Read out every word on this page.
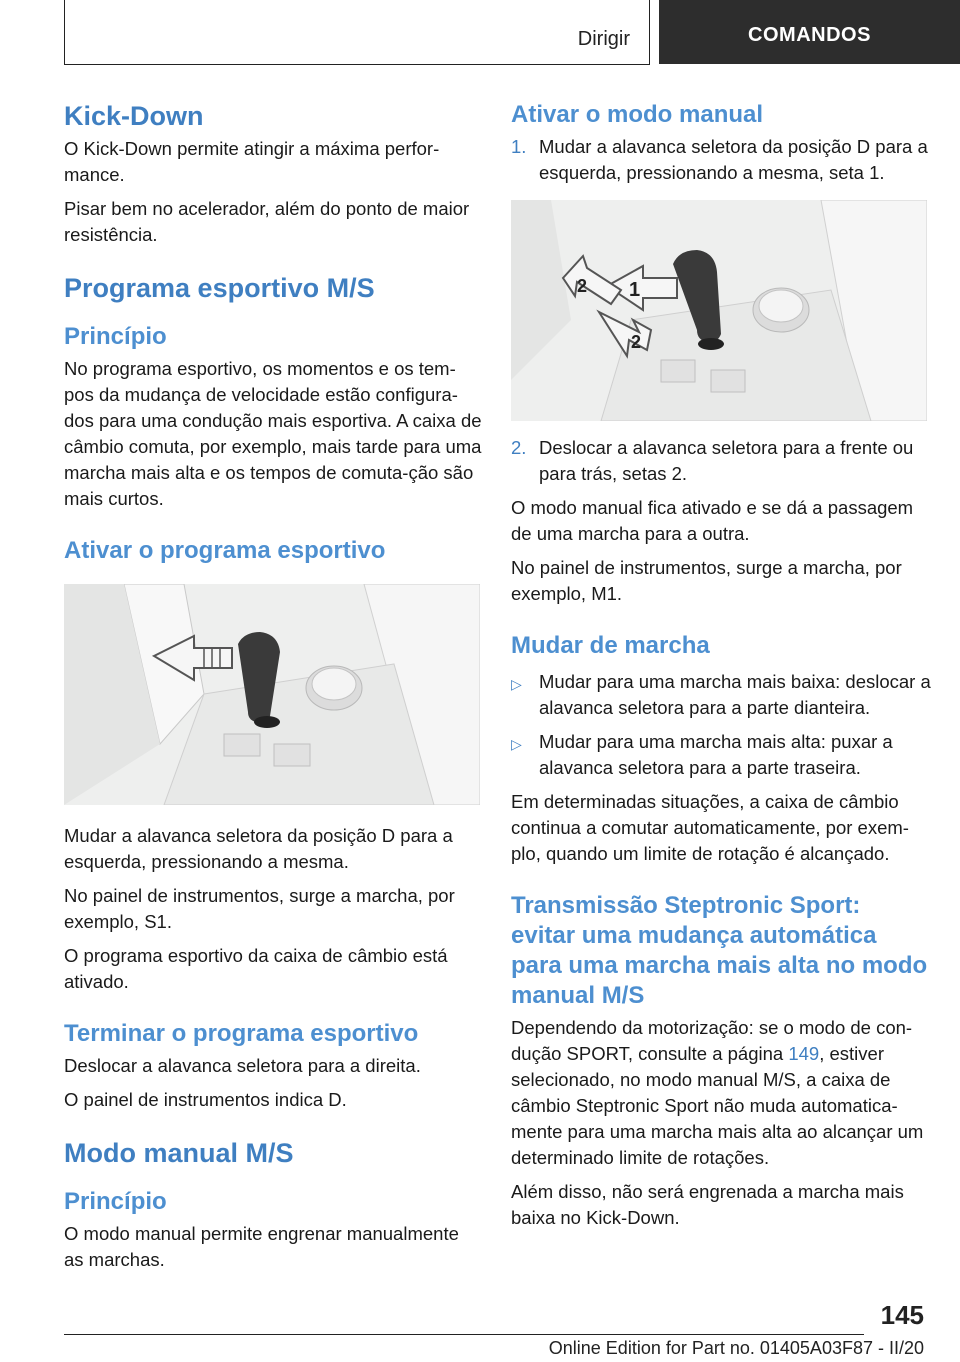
Dirigir	COMANDOS
Kick-Down

O Kick-Down permite atingir a máxima perfor-mance.

Pisar bem no acelerador, além do ponto de maior resistência.

Programa esportivo M/S
Princípio

No programa esportivo, os momentos e os tem-pos da mudança de velocidade estão configura-dos para uma condução mais esportiva. A caixa de câmbio comuta, por exemplo, mais tarde para uma marcha mais alta e os tempos de comuta-ção são mais curtos.

Ativar o programa esportivo

Mudar a alavanca seletora da posição D para a esquerda, pressionando a mesma.

No painel de instrumentos, surge a marcha, por exemplo, S1.

O programa esportivo da caixa de câmbio está ativado.

Terminar o programa esportivo

Deslocar a alavanca seletora para a direita.

O painel de instrumentos indica D.

Modo manual M/S
Princípio

O modo manual permite engrenar manualmente as marchas.

Ativar o modo manual
1. Mudar a alavanca seletora da posição D para a esquerda, pressionando a mesma, seta 1.
1
2
2
2. Deslocar a alavanca seletora para a frente ou para trás, setas 2.

O modo manual fica ativado e se dá a passagem de uma marcha para a outra.

No painel de instrumentos, surge a marcha, por exemplo, M1.

Mudar de marcha
▷ Mudar para uma marcha mais baixa: deslocar a alavanca seletora para a parte dianteira.
▷ Mudar para uma marcha mais alta: puxar a alavanca seletora para a parte traseira.

Em determinadas situações, a caixa de câmbio continua a comutar automaticamente, por exem-plo, quando um limite de rotação é alcançado.

Transmissão Steptronic Sport: evitar uma mudança automática para uma marcha mais alta no modo manual M/S

Dependendo da motorização: se o modo de con-dução SPORT, consulte a página 149, estiver selecionado, no modo manual M/S, a caixa de câmbio Steptronic Sport não muda automatica-mente para uma marcha mais alta ao alcançar um determinado limite de rotações.

Além disso, não será engrenada a marcha mais baixa no Kick-Down.

145
Online Edition for Part no. 01405A03F87 - II/20
